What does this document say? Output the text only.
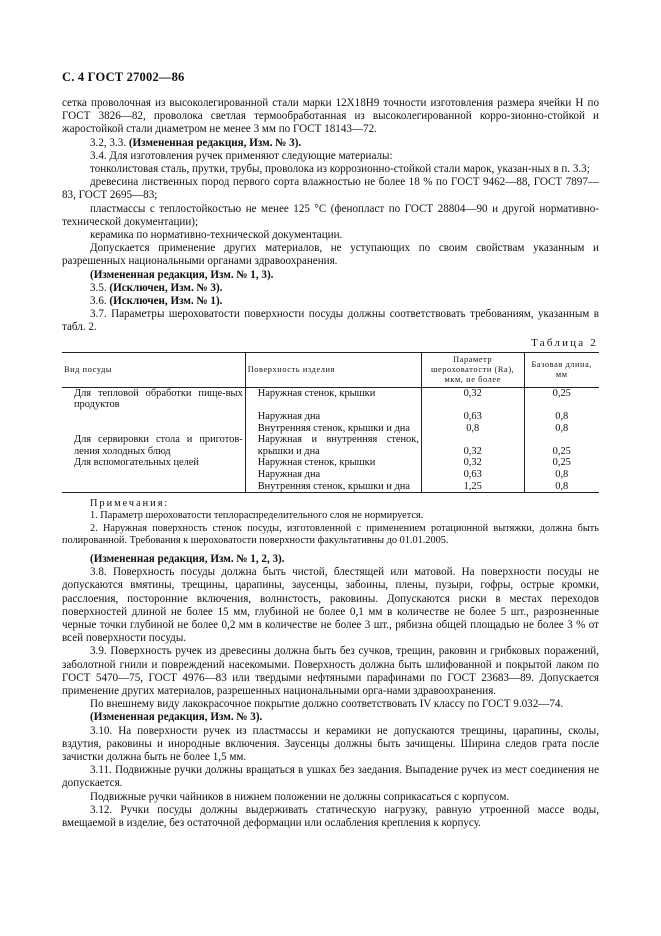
С. 4 ГОСТ 27002—86

сетка проволочная из высоколегированной стали марки 12Х18Н9 точности изготовления размера ячейки Н по ГОСТ 3826—82, проволока светлая термообработанная из высоколегированной корро-зионно-стойкой и жаростойкой стали диаметром не менее 3 мм по ГОСТ 18143—72.

3.2, 3.3. (Измененная редакция, Изм. № 3).

3.4. Для изготовления ручек применяют следующие материалы:

тонколистовая сталь, прутки, трубы, проволока из коррозионно-стойкой стали марок, указан-ных в п. 3.3;

древесина лиственных пород первого сорта влажностью не более 18 % по ГОСТ 9462—88, ГОСТ 7897—83, ГОСТ 2695—83;

пластмассы с теплостойкостью не менее 125 °С (фенопласт по ГОСТ 28804—90 и другой нормативно-технической документации);

керамика по нормативно-технической документации.

Допускается применение других материалов, не уступающих по своим свойствам указанным и разрешенных национальными органами здравоохранения.

(Измененная редакция, Изм. № 1, 3).

3.5. (Исключен, Изм. № 3).

3.6. (Исключен, Изм. № 1).

3.7. Параметры шероховатости поверхности посуды должны соответствовать требованиям, указанным в табл. 2.

Таблица 2
Вид посуды	Поверхность изделия	Параметр шероховатости (Ra), мкм, не более	Базовая длина, мм
Для тепловой обработки пище-вых продуктов	Наружная стенок, крышки	0,32	0,25
	Наружная дна	0,63	0,8
	Внутренняя стенок, крышки и дна	0,8	0,8
Для сервировки стола и приготов-ления холодных блюд	Наружная и внутренняя стенок, крышки и дна	0,32	0,25
Для вспомогательных целей	Наружная стенок, крышки	0,32	0,25
	Наружная дна	0,63	0,8
	Внутренняя стенок, крышки и дна	1,25	0,8
Примечания:

1. Параметр шероховатости теплораспределительного слоя не нормируется.

2. Наружная поверхность стенок посуды, изготовленной с применением ротационной вытяжки, должна быть полированной. Требования к шероховатости поверхности факультативны до 01.01.2005.

(Измененная редакция, Изм. № 1, 2, 3).

3.8. Поверхность посуды должна быть чистой, блестящей или матовой. На поверхности посуды не допускаются вмятины, трещины, царапины, заусенцы, забоины, плены, пузыри, гофры, острые кромки, расслоения, посторонние включения, волнистость, раковины. Допускаются риски в местах переходов поверхностей длиной не более 15 мм, глубиной не более 0,1 мм в количестве не более 5 шт., разрозненные черные точки глубиной не более 0,2 мм в количестве не более 3 шт., рябизна общей площадью не более 3 % от всей поверхности посуды.

3.9. Поверхность ручек из древесины должна быть без сучков, трещин, раковин и грибковых поражений, заболотной гнили и повреждений насекомыми. Поверхность должна быть шлифованной и покрытой лаком по ГОСТ 5470—75, ГОСТ 4976—83 или твердыми нефтяными парафинами по ГОСТ 23683—89. Допускается применение других материалов, разрешенных национальными орга-нами здравоохранения.

По внешнему виду лакокрасочное покрытие должно соответствовать IV классу по ГОСТ 9.032—74.

(Измененная редакция, Изм. № 3).

3.10. На поверхности ручек из пластмассы и керамики не допускаются трещины, царапины, сколы, вздутия, раковины и инородные включения. Заусенцы должны быть зачищены. Ширина следов грата после зачистки должна быть не более 1,5 мм.

3.11. Подвижные ручки должны вращаться в ушках без заедания. Выпадение ручек из мест соединения не допускается.

Подвижные ручки чайников в нижнем положении не должны соприкасаться с корпусом.

3.12. Ручки посуды должны выдерживать статическую нагрузку, равную утроенной массе воды, вмещаемой в изделие, без остаточной деформации или ослабления крепления к корпусу.
